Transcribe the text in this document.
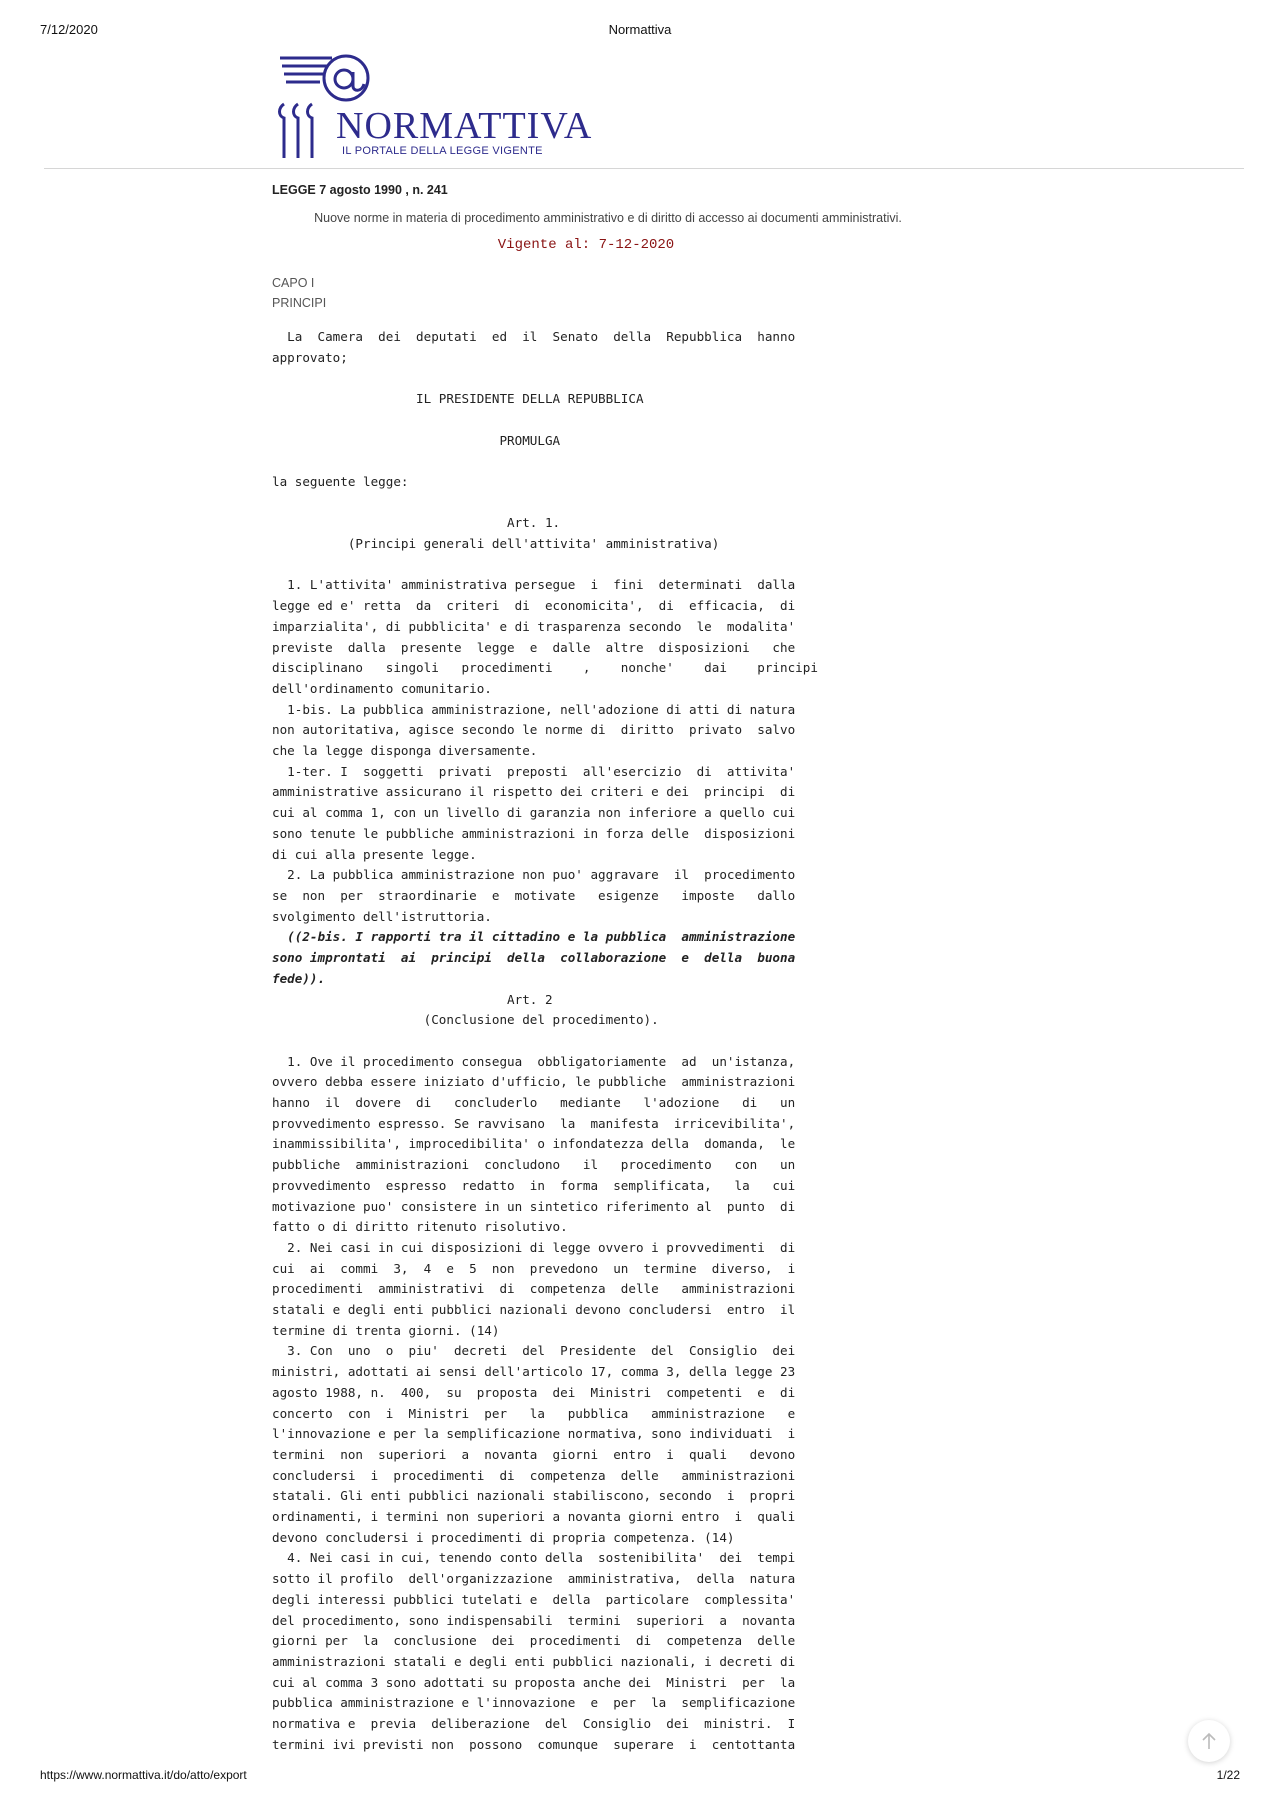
7/12/2020	Normattiva
NORMATTIVA
IL PORTALE DELLA LEGGE VIGENTE
LEGGE 7 agosto 1990 , n. 241
Nuove norme in materia di procedimento amministrativo e di diritto di accesso ai documenti amministrativi.
Vigente al: 7-12-2020
CAPO I
PRINCIPI
La  Camera  dei  deputati  ed  il  Senato  della  Repubblica  hanno
approvato;

IL PRESIDENTE DELLA REPUBBLICA

PROMULGA

la seguente legge:

Art. 1.
(Principi generali dell'attivita' amministrativa)

1. L'attivita' amministrativa persegue  i  fini  determinati  dalla
legge ed e' retta  da  criteri  di  economicita',  di  efficacia,  di
imparzialita', di pubblicita' e di trasparenza secondo  le  modalita'
previste  dalla  presente  legge  e  dalle  altre  disposizioni   che
disciplinano   singoli   procedimenti    ,    nonche'    dai    principi
dell'ordinamento comunitario.
1-bis. La pubblica amministrazione, nell'adozione di atti di natura
non autoritativa, agisce secondo le norme di  diritto  privato  salvo
che la legge disponga diversamente.
1-ter. I  soggetti  privati  preposti  all'esercizio  di  attivita'
amministrative assicurano il rispetto dei criteri e dei  principi  di
cui al comma 1, con un livello di garanzia non inferiore a quello cui
sono tenute le pubbliche amministrazioni in forza delle  disposizioni
di cui alla presente legge.
2. La pubblica amministrazione non puo' aggravare  il  procedimento
se  non  per  straordinarie  e  motivate   esigenze   imposte   dallo
svolgimento dell'istruttoria.
((2-bis. I rapporti tra il cittadino e la pubblica  amministrazione
sono improntati  ai  principi  della  collaborazione  e  della  buona
fede)).
Art. 2
(Conclusione del procedimento).

1. Ove il procedimento consegua  obbligatoriamente  ad  un'istanza,
ovvero debba essere iniziato d'ufficio, le pubbliche  amministrazioni
hanno  il  dovere  di   concluderlo   mediante   l'adozione   di   un
provvedimento espresso. Se ravvisano  la  manifesta  irricevibilita',
inammissibilita', improcedibilita' o infondatezza della  domanda,  le
pubbliche  amministrazioni  concludono   il   procedimento   con   un
provvedimento  espresso  redatto  in  forma  semplificata,   la   cui
motivazione puo' consistere in un sintetico riferimento al  punto  di
fatto o di diritto ritenuto risolutivo.
2. Nei casi in cui disposizioni di legge ovvero i provvedimenti  di
cui  ai  commi  3,  4  e  5  non  prevedono  un  termine  diverso,  i
procedimenti  amministrativi  di  competenza  delle   amministrazioni
statali e degli enti pubblici nazionali devono concludersi  entro  il
termine di trenta giorni. (14)
3. Con  uno  o  piu'  decreti  del  Presidente  del  Consiglio  dei
ministri, adottati ai sensi dell'articolo 17, comma 3, della legge 23
agosto 1988, n.  400,  su  proposta  dei  Ministri  competenti  e  di
concerto  con  i  Ministri  per   la   pubblica   amministrazione   e
l'innovazione e per la semplificazione normativa, sono individuati  i
termini  non  superiori  a  novanta  giorni  entro  i  quali   devono
concludersi  i  procedimenti  di  competenza  delle   amministrazioni
statali. Gli enti pubblici nazionali stabiliscono, secondo  i  propri
ordinamenti, i termini non superiori a novanta giorni entro  i  quali
devono concludersi i procedimenti di propria competenza. (14)
4. Nei casi in cui, tenendo conto della  sostenibilita'  dei  tempi
sotto il profilo  dell'organizzazione  amministrativa,  della  natura
degli interessi pubblici tutelati e  della  particolare  complessita'
del procedimento, sono indispensabili  termini  superiori  a  novanta
giorni per  la  conclusione  dei  procedimenti  di  competenza  delle
amministrazioni statali e degli enti pubblici nazionali, i decreti di
cui al comma 3 sono adottati su proposta anche dei  Ministri  per  la
pubblica amministrazione e l'innovazione  e  per  la  semplificazione
normativa e  previa  deliberazione  del  Consiglio  dei  ministri.  I
termini ivi previsti non  possono  comunque  superare  i  centottanta
https://www.normattiva.it/do/atto/export	1/22
